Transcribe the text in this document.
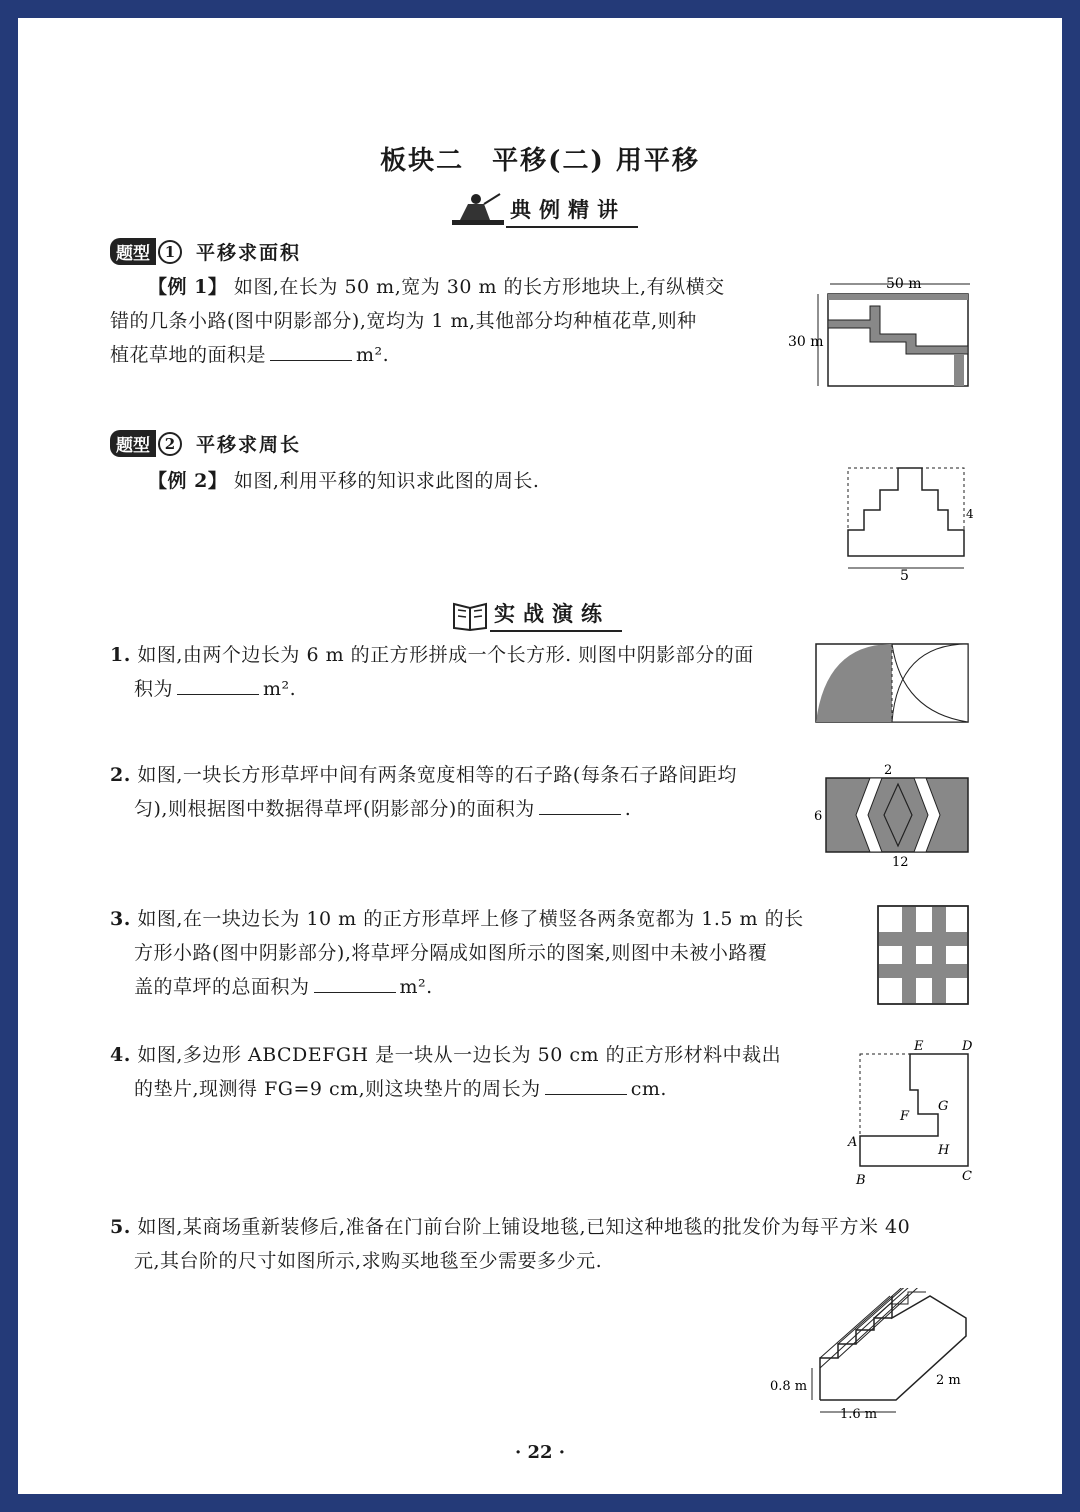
板块二　平移(二) 用平移
典例精讲
题型 1	平移求面积
【例 1】 如图,在长为 50 m,宽为 30 m 的长方形地块上,有纵横交
错的几条小路(图中阴影部分),宽均为 1 m,其他部分均种植花草,则种
植花草地的面积是	m².
50 m
30 m
题型 2	平移求周长
【例 2】 如图,利用平移的知识求此图的周长.
5
4
实战演练
1. 如图,由两个边长为 6 m 的正方形拼成一个长方形. 则图中阴影部分的面
积为	m².
2. 如图,一块长方形草坪中间有两条宽度相等的石子路(每条石子路间距均
匀),则根据图中数据得草坪(阴影部分)的面积为	.
2
6
12
3. 如图,在一块边长为 10 m 的正方形草坪上修了横竖各两条宽都为 1.5 m 的长
方形小路(图中阴影部分),将草坪分隔成如图所示的图案,则图中未被小路覆
盖的草坪的总面积为	m².
4. 如图,多边形 ABCDEFGH 是一块从一边长为 50 cm 的正方形材料中裁出
的垫片,现测得 FG=9 cm,则这块垫片的周长为	cm.
E	D
G
F
A
H
B	C
5. 如图,某商场重新装修后,准备在门前台阶上铺设地毯,已知这种地毯的批发价为每平方米 40
元,其台阶的尺寸如图所示,求购买地毯至少需要多少元.
0.8 m
1.6 m
2 m
· 22 ·
